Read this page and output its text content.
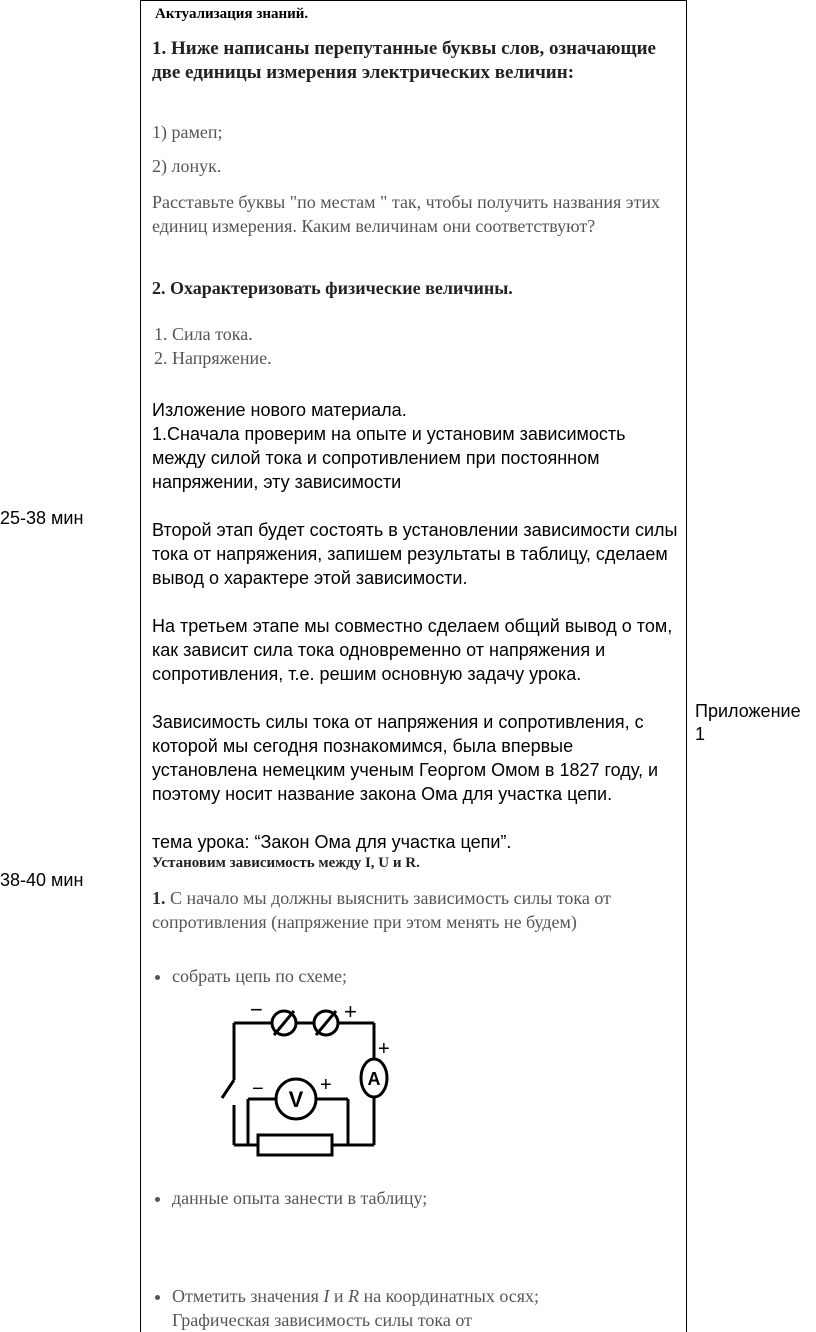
25-38 мин
38-40 мин
Приложение 1

Актуализация знаний.

1. Ниже написаны перепутанные буквы слов, означающие две единицы измерения электрических величин:

1) рамеп;

2) лонук.

Расставьте буквы "по местам " так, чтобы получить названия этих единиц измерения. Каким величинам они соответствуют?

2. Охарактеризовать физические величины.

1. Сила тока.
2. Напряжение.

Изложение нового материала.

1.Сначала проверим на опыте и установим зависимость между силой тока и сопротивлением при постоянном напряжении, эту зависимости

Второй этап будет состоять в установлении зависимости силы тока от напряжения, запишем результаты в таблицу, сделаем вывод о характере этой зависимости.

На третьем этапе мы совместно сделаем общий вывод о том, как зависит сила тока одновременно от напряжения и сопротивления, т.е. решим основную задачу урока.

Зависимость силы тока от напряжения и сопротивления, с которой мы сегодня познакомимся, была впервые установлена немецким ученым Георгом Омом в 1827 году, и поэтому носит название закона Ома для участка цепи.

тема урока: “Закон Ома для участка цепи”.

Установим зависимость между I, U и R.

1. С начало мы должны выяснить зависимость силы тока от сопротивления (напряжение при этом менять не будем)

• собрать цепь по схеме;
• данные опыта занести в таблицу;
• Отметить значения I и R на координатных осях;
Графическая зависимость силы тока от
V
A
−	+
+
−	+
